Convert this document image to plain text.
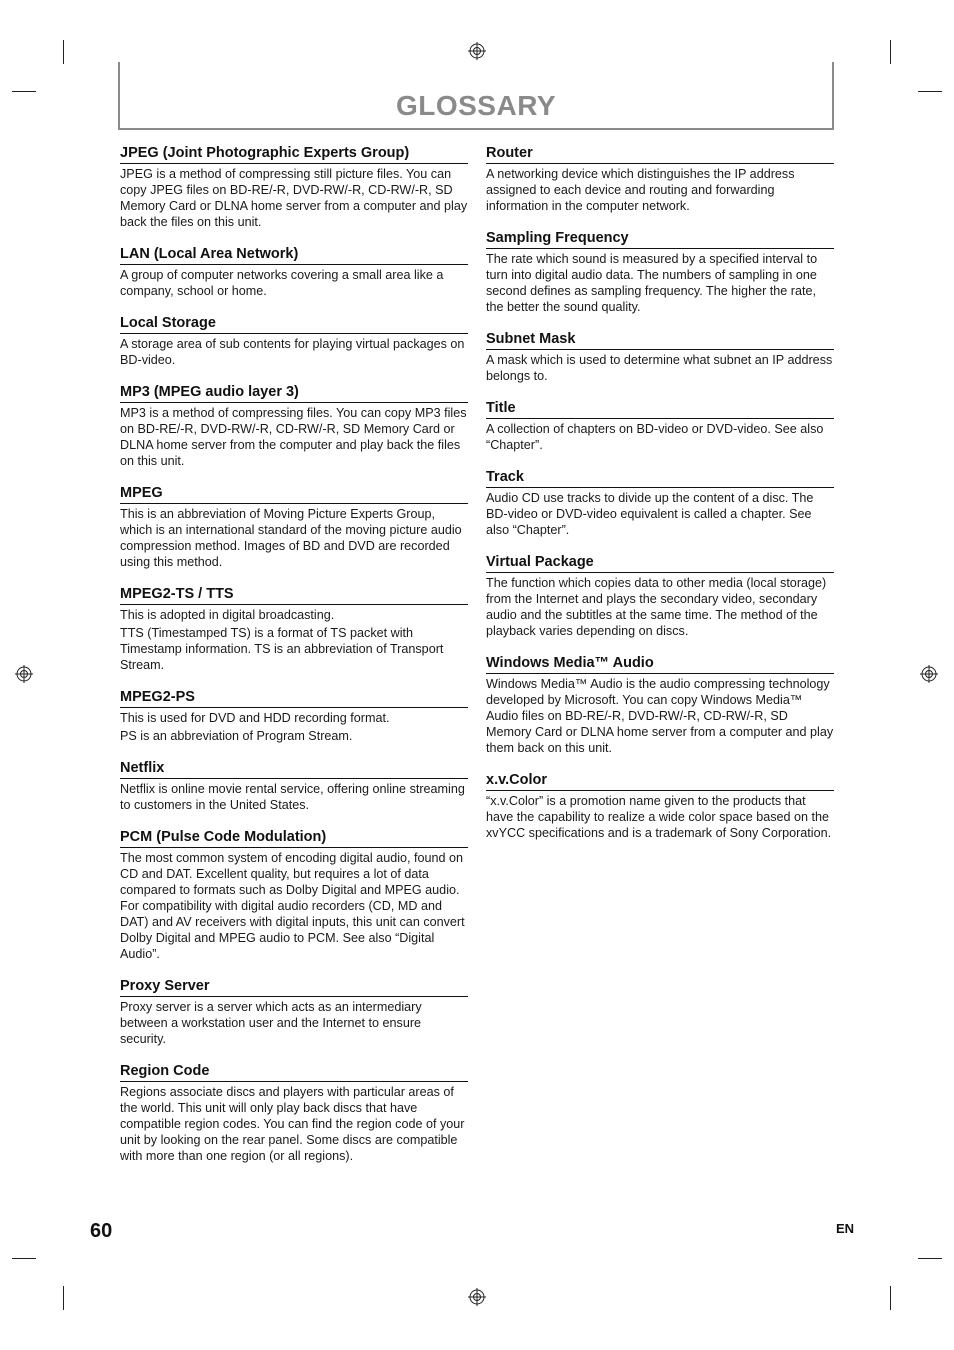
GLOSSARY
JPEG (Joint Photographic Experts Group)

JPEG is a method of compressing still picture files. You can copy JPEG files on BD-RE/-R, DVD-RW/-R, CD-RW/-R, SD Memory Card or DLNA home server from a computer and play back the files on this unit.

LAN (Local Area Network)

A group of computer networks covering a small area like a company, school or home.

Local Storage

A storage area of sub contents for playing virtual packages on BD-video.

MP3 (MPEG audio layer 3)

MP3 is a method of compressing files. You can copy MP3 files on BD-RE/-R, DVD-RW/-R, CD-RW/-R, SD Memory Card or DLNA home server from the computer and play back the files on this unit.

MPEG

This is an abbreviation of Moving Picture Experts Group, which is an international standard of the moving picture audio compression method. Images of BD and DVD are recorded using this method.

MPEG2-TS / TTS

This is adopted in digital broadcasting.

TTS (Timestamped TS) is a format of TS packet with Timestamp information. TS is an abbreviation of Transport Stream.

MPEG2-PS

This is used for DVD and HDD recording format.

PS is an abbreviation of Program Stream.

Netflix

Netflix is online movie rental service, offering online streaming to customers in the United States.

PCM (Pulse Code Modulation)

The most common system of encoding digital audio, found on CD and DAT. Excellent quality, but requires a lot of data compared to formats such as Dolby Digital and MPEG audio. For compatibility with digital audio recorders (CD, MD and DAT) and AV receivers with digital inputs, this unit can convert Dolby Digital and MPEG audio to PCM. See also “Digital Audio”.

Proxy Server

Proxy server is a server which acts as an intermediary between a workstation user and the Internet to ensure security.

Region Code

Regions associate discs and players with particular areas of the world. This unit will only play back discs that have compatible region codes. You can find the region code of your unit by looking on the rear panel. Some discs are compatible with more than one region (or all regions).

Router

A networking device which distinguishes the IP address assigned to each device and routing and forwarding information in the computer network.

Sampling Frequency

The rate which sound is measured by a specified interval to turn into digital audio data. The numbers of sampling in one second defines as sampling frequency. The higher the rate, the better the sound quality.

Subnet Mask

A mask which is used to determine what subnet an IP address belongs to.

Title

A collection of chapters on BD-video or DVD-video. See also “Chapter”.

Track

Audio CD use tracks to divide up the content of a disc. The BD-video or DVD-video equivalent is called a chapter. See also “Chapter”.

Virtual Package

The function which copies data to other media (local storage) from the Internet and plays the secondary video, secondary audio and the subtitles at the same time. The method of the playback varies depending on discs.

Windows Media™ Audio

Windows Media™ Audio is the audio compressing technology developed by Microsoft. You can copy Windows Media™ Audio files on BD-RE/-R, DVD-RW/-R, CD-RW/-R, SD Memory Card or DLNA home server from a computer and play them back on this unit.

x.v.Color

“x.v.Color” is a promotion name given to the products that have the capability to realize a wide color space based on the xvYCC specifications and is a trademark of Sony Corporation.

60	EN
